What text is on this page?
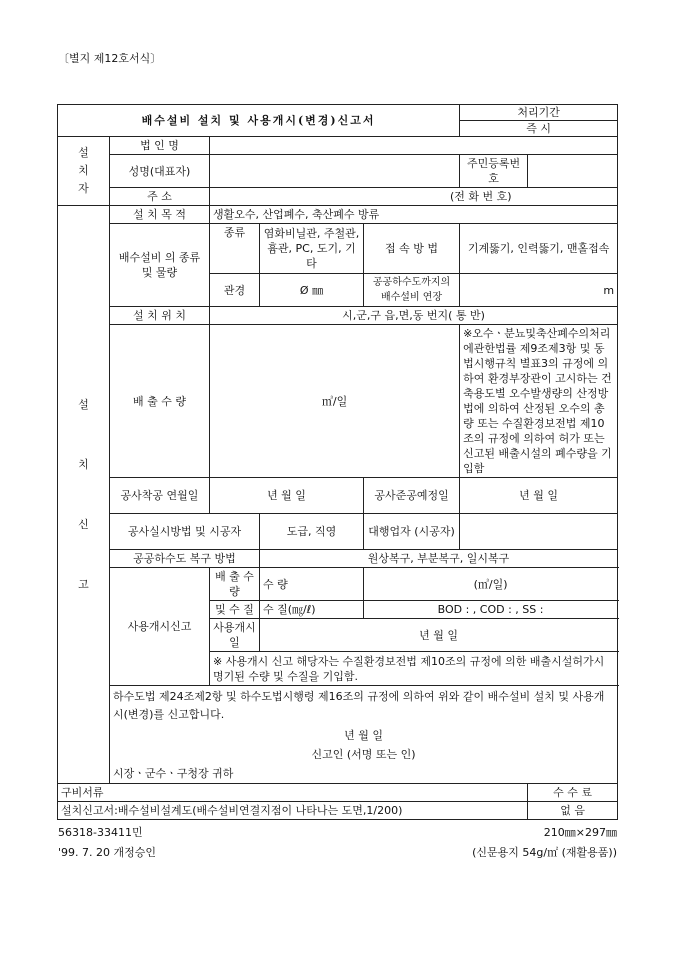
〔별지 제12호서식〕
배수설비 설치 및 사용개시(변경)신고서					처리기간
즉 시	

설
치
자	법 인 명					
	성명(대표자)				주민등록번호	
	주 소	(전 화 번 호)				

설
치
신
고	설 치 목 적	생활오수, 산업폐수, 축산폐수 방류				
	배수설비 의 종류 및 물량	종류	염화비닐관, 주철관, 흄관, PC, 도기, 기타	접 속 방 법	기계뚫기, 인력뚫기, 맨홀접속	
		관경	Ø ㎜	공공하수도까지의 배수설비 연장	m	
	설 치 위 치	시,군,구 읍,면,동 번지( 통 반)				
	배 출 수 량	㎥/일			※오수ㆍ분뇨및축산폐수의처리에관한법률 제9조제3항 및 동법시행규칙 별표3의 규정에 의하여 환경부장관이 고시하는 건축용도별 오수발생량의 산정방법에 의하여 산정된 오수의 총량 또는 수질환경보전법 제10조의 규정에 의하여 허가 또는 신고된 배출시설의 폐수량을 기입함	
	공사착공 연월일	년 월 일		공사준공예정일	년 월 일	
	공사실시방법 및 시공자		도급, 직영	대행업자 (시공자)		
	공공하수도 복구 방법		원상복구, 부분복구, 일시복구			
	사용개시신고	배 출 수 량	수 량	(㎥/일)		
		및 수 질	수 질(㎎/ℓ)	BOD : , COD : , SS :		
		사용개시일	년 월 일			
		※ 사용개시 신고 해당자는 수질환경보전법 제10조의 규정에 의한 배출시설허가시 명기된 수량 및 수질을 기입함.				

	하수도법 제24조제2항 및 하수도법시행령 제16조의 규정에 의하여 위와 같이 배수설비 설치 및 사용개시(변경)를 신고합니다.
년 월 일
신고인 (서명 또는 인)
시장ㆍ군수ㆍ구청장 귀하					

구비서류						수 수 료
설치신고서:배수설비설계도(배수설비연결지점이 나타나는 도면,1/200)						없 음
56318-33411민	210㎜×297㎜
'99. 7. 20 개정승인	(신문용지 54g/㎡ (재활용품))
